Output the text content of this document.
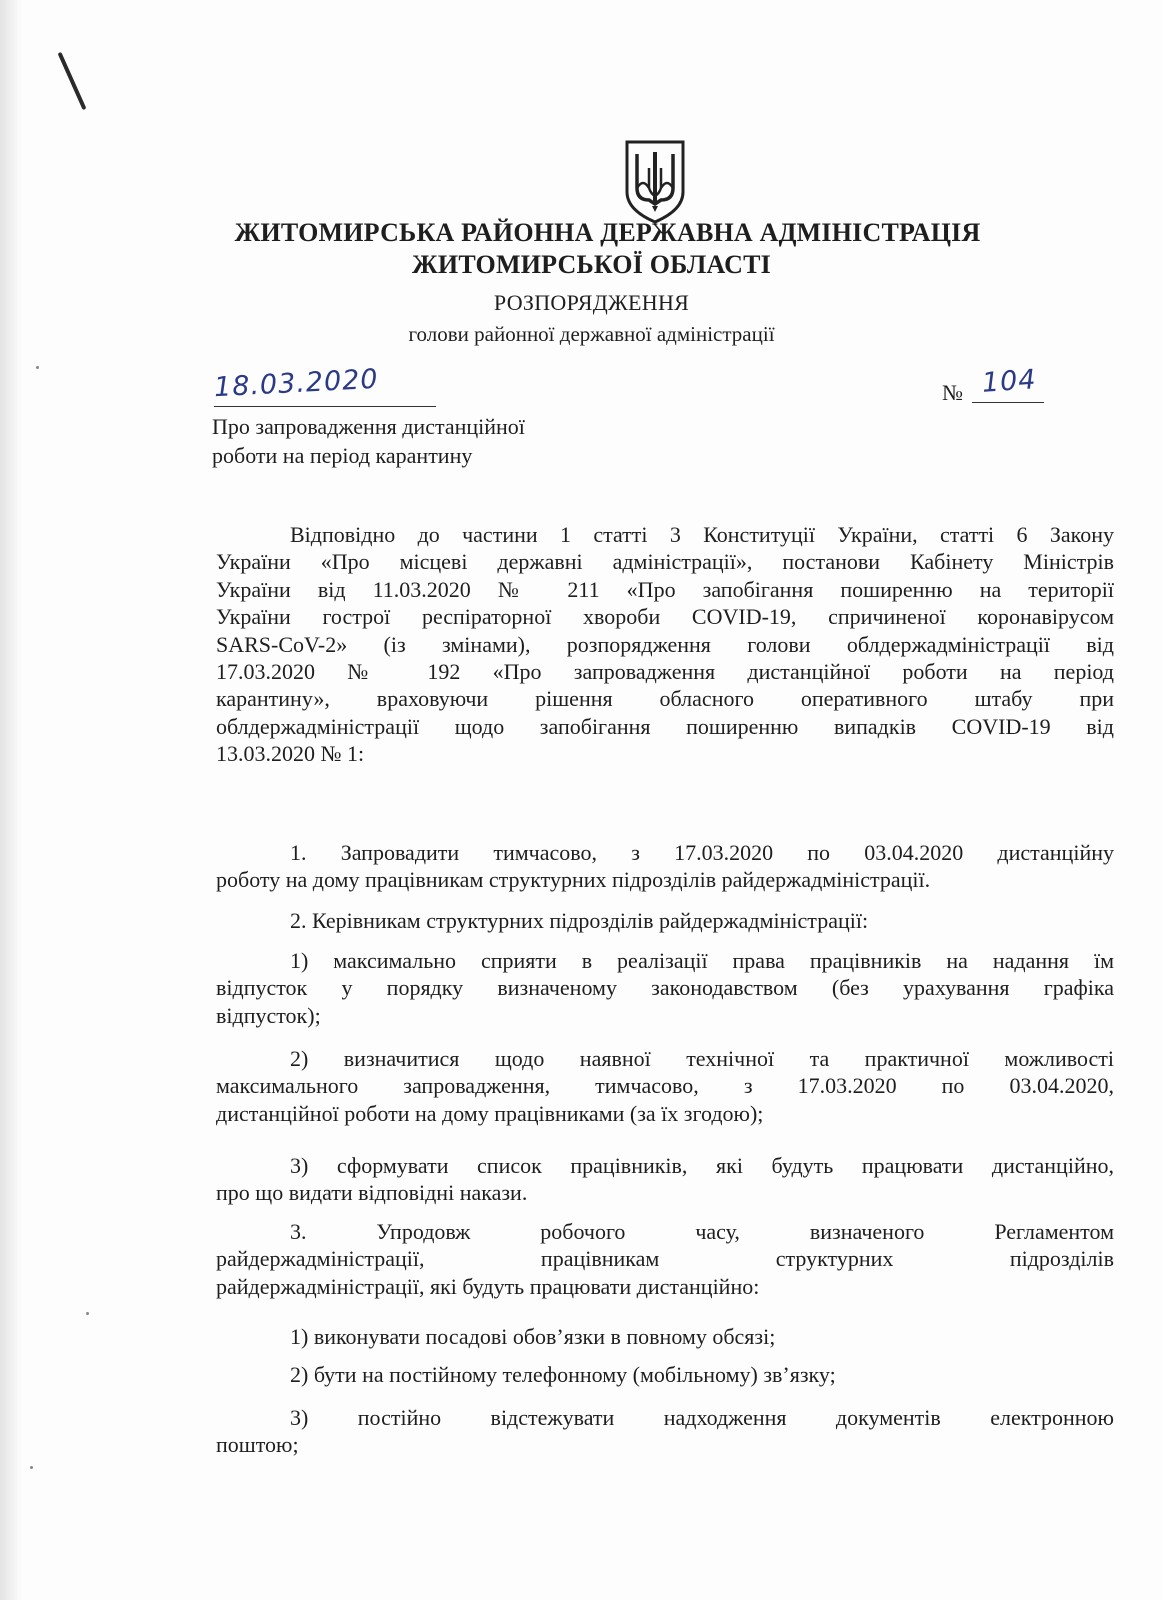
ЖИТОМИРСЬКА РАЙОННА ДЕРЖАВНА АДМІНІСТРАЦІЯ
ЖИТОМИРСЬКОЇ ОБЛАСТІ
РОЗПОРЯДЖЕННЯ
голови районної державної адміністрації
18.03.2020	№ 104
Про запровадження дистанційної
роботи на період карантину
Відповідно до частини 1 статті 3 Конституції України, статті 6 Закону
України «Про місцеві державні адміністрації», постанови Кабінету Міністрів
України від 11.03.2020 № 211 «Про запобігання поширенню на території
України гострої респіраторної хвороби COVID-19, спричиненої коронавірусом
SARS-CoV-2» (із змінами), розпорядження голови облдержадміністрації від
17.03.2020 № 192 «Про запровадження дистанційної роботи на період
карантину», враховуючи рішення обласного оперативного штабу при
облдержадміністрації щодо запобігання поширенню випадків COVID-19 від
13.03.2020 № 1:
1. Запровадити тимчасово, з 17.03.2020 по 03.04.2020 дистанційну
роботу на дому працівникам структурних підрозділів райдержадміністрації.
2. Керівникам структурних підрозділів райдержадміністрації:
1) максимально сприяти в реалізації права працівників на надання їм
відпусток у порядку визначеному законодавством (без урахування графіка
відпусток);
2) визначитися щодо наявної технічної та практичної можливості
максимального запровадження, тимчасово, з 17.03.2020 по 03.04.2020,
дистанційної роботи на дому працівниками (за їх згодою);
3) сформувати список працівників, які будуть працювати дистанційно,
про що видати відповідні накази.
3. Упродовж робочого часу, визначеного Регламентом
райдержадміністрації, працівникам структурних підрозділів
райдержадміністрації, які будуть працювати дистанційно:
1) виконувати посадові обов’язки в повному обсязі;
2) бути на постійному телефонному (мобільному) зв’язку;
3) постійно відстежувати надходження документів електронною
поштою;
